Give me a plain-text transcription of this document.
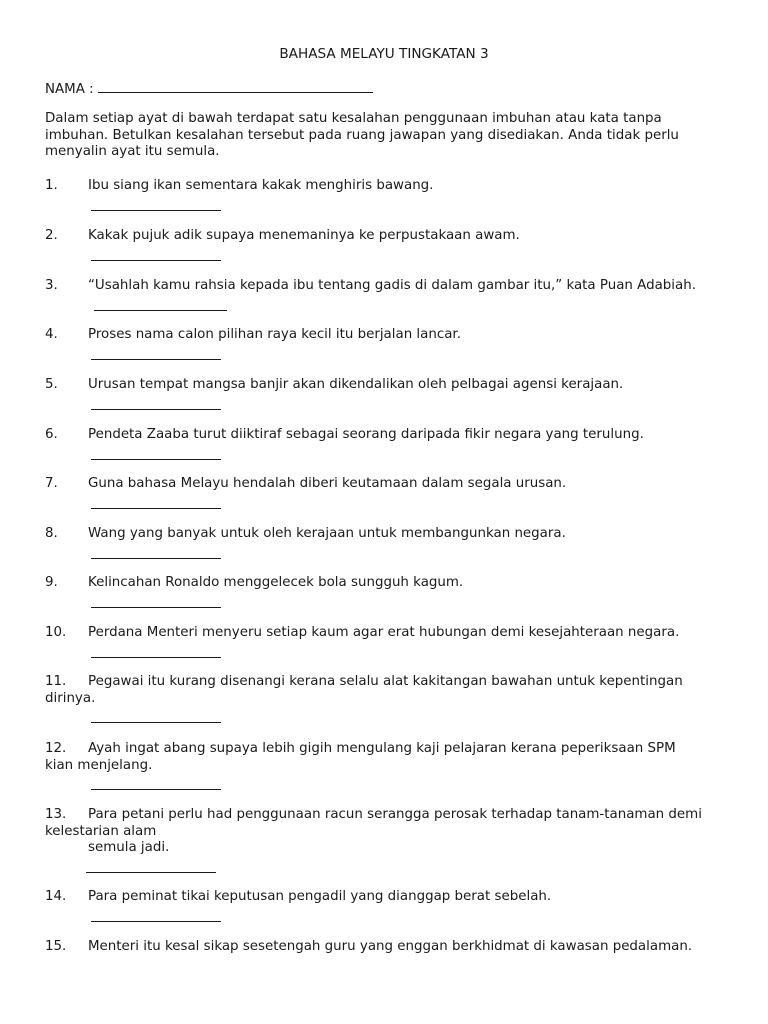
BAHASA MELAYU TINGKATAN 3
NAMA :
Dalam setiap ayat di bawah terdapat satu kesalahan penggunaan imbuhan atau kata tanpa imbuhan. Betulkan kesalahan tersebut pada ruang jawapan yang disediakan. Anda tidak perlu menyalin ayat itu semula.
1. Ibu siang ikan sementara kakak menghiris bawang.
2. Kakak pujuk adik supaya menemaninya ke perpustakaan awam.
3. “Usahlah kamu rahsia kepada ibu tentang gadis di dalam gambar itu,” kata Puan Adabiah.
4. Proses nama calon pilihan raya kecil itu berjalan lancar.
5. Urusan tempat mangsa banjir akan dikendalikan oleh pelbagai agensi kerajaan.
6. Pendeta Zaaba turut diiktiraf sebagai seorang daripada fikir negara yang terulung.
7. Guna bahasa Melayu hendalah diberi keutamaan dalam segala urusan.
8. Wang yang banyak untuk oleh kerajaan untuk membangunkan negara.
9. Kelincahan Ronaldo menggelecek bola sungguh kagum.
10. Perdana Menteri menyeru setiap kaum agar erat hubungan demi kesejahteraan negara.
11. Pegawai itu kurang disenangi kerana selalu alat kakitangan bawahan untuk kepentingan
dirinya.
12. Ayah ingat abang supaya lebih gigih mengulang kaji pelajaran kerana peperiksaan SPM
kian menjelang.
13. Para petani perlu had penggunaan racun serangga perosak terhadap tanam-tanaman demi
kelestarian alam
semula jadi.
14. Para peminat tikai keputusan pengadil yang dianggap berat sebelah.
15. Menteri itu kesal sikap sesetengah guru yang enggan berkhidmat di kawasan pedalaman.
